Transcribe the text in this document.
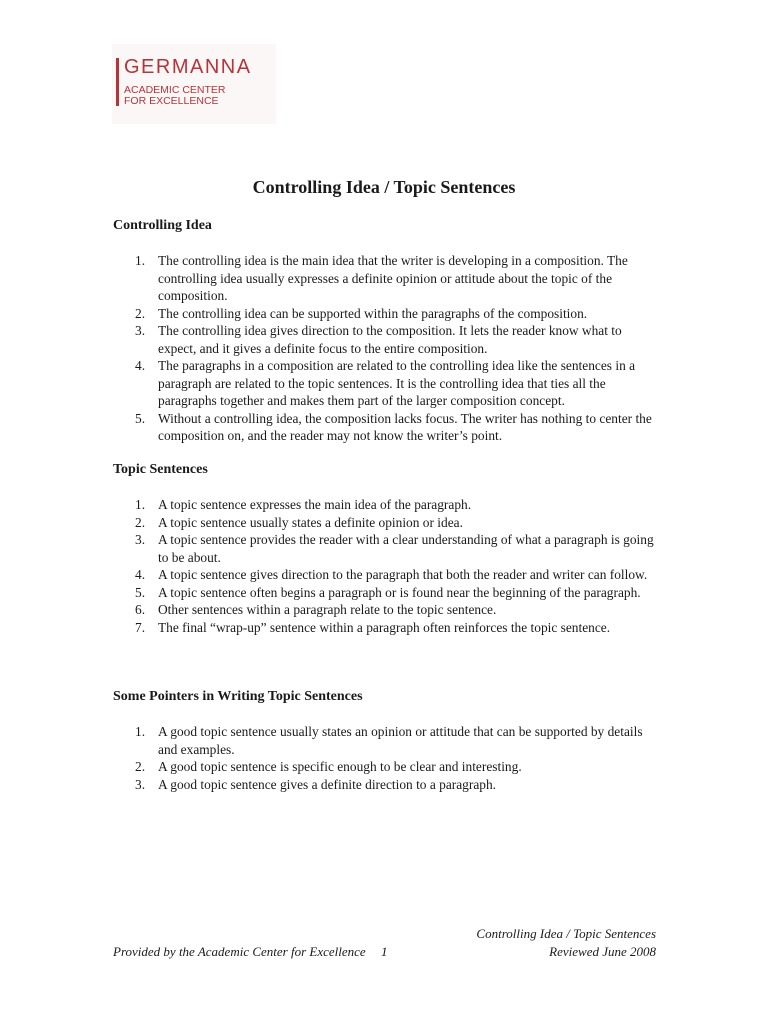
GERMANNA
ACADEMIC CENTER
FOR EXCELLENCE
Controlling Idea / Topic Sentences
Controlling Idea
1. The controlling idea is the main idea that the writer is developing in a composition. The controlling idea usually expresses a definite opinion or attitude about the topic of the composition.
2. The controlling idea can be supported within the paragraphs of the composition.
3. The controlling idea gives direction to the composition. It lets the reader know what to expect, and it gives a definite focus to the entire composition.
4. The paragraphs in a composition are related to the controlling idea like the sentences in a paragraph are related to the topic sentences. It is the controlling idea that ties all the paragraphs together and makes them part of the larger composition concept.
5. Without a controlling idea, the composition lacks focus. The writer has nothing to center the composition on, and the reader may not know the writer’s point.
Topic Sentences
1. A topic sentence expresses the main idea of the paragraph.
2. A topic sentence usually states a definite opinion or idea.
3. A topic sentence provides the reader with a clear understanding of what a paragraph is going to be about.
4. A topic sentence gives direction to the paragraph that both the reader and writer can follow.
5. A topic sentence often begins a paragraph or is found near the beginning of the paragraph.
6. Other sentences within a paragraph relate to the topic sentence.
7. The final “wrap-up” sentence within a paragraph often reinforces the topic sentence.
Some Pointers in Writing Topic Sentences
1. A good topic sentence usually states an opinion or attitude that can be supported by details and examples.
2. A good topic sentence is specific enough to be clear and interesting.
3. A good topic sentence gives a definite direction to a paragraph.
Controlling Idea / Topic Sentences
Provided by the Academic Center for Excellence 1	Reviewed June 2008
